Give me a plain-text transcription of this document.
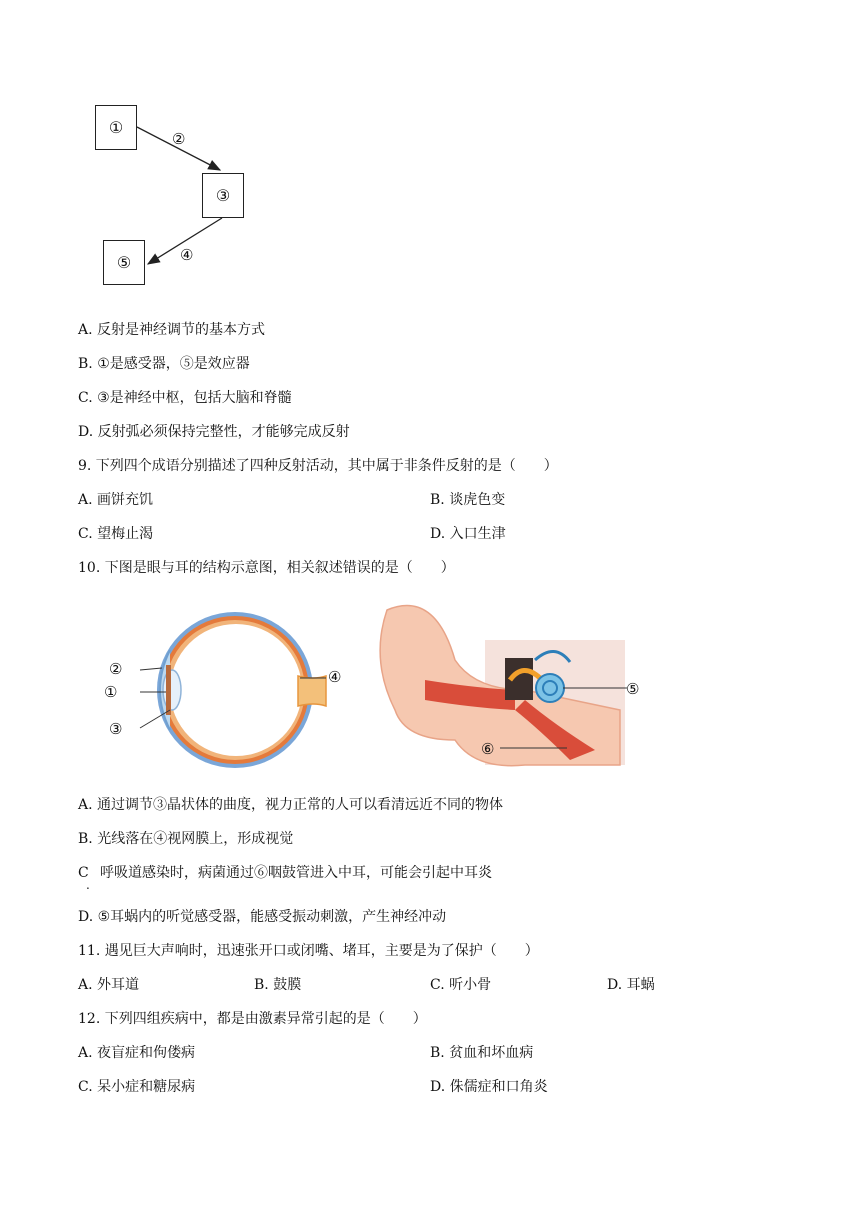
①
③
⑤
②
④
A. 反射是神经调节的基本方式
B. ①是感受器，⑤是效应器
C. ③是神经中枢，包括大脑和脊髓
D. 反射弧必须保持完整性，才能够完成反射
9. 下列四个成语分别描述了四种反射活动，其中属于非条件反射的是（　　）
A. 画饼充饥	B. 谈虎色变
C. 望梅止渴	D. 入口生津
10. 下图是眼与耳的结构示意图，相关叙述错误的是（　　）
②
①
③
④
⑤
⑥
A. 通过调节③晶状体的曲度，视力正常的人可以看清远近不同的物体
B. 光线落在④视网膜上，形成视觉
C 呼吸道感染时，病菌通过⑥咽鼓管进入中耳，可能会引起中耳炎
.
D. ⑤耳蜗内的听觉感受器，能感受振动刺激，产生神经冲动
11. 遇见巨大声响时，迅速张开口或闭嘴、堵耳，主要是为了保护（　　）
A. 外耳道	B. 鼓膜	C. 听小骨	D. 耳蜗
12. 下列四组疾病中，都是由激素异常引起的是（　　）
A. 夜盲症和佝偻病	B. 贫血和坏血病
C. 呆小症和糖尿病	D. 侏儒症和口角炎
